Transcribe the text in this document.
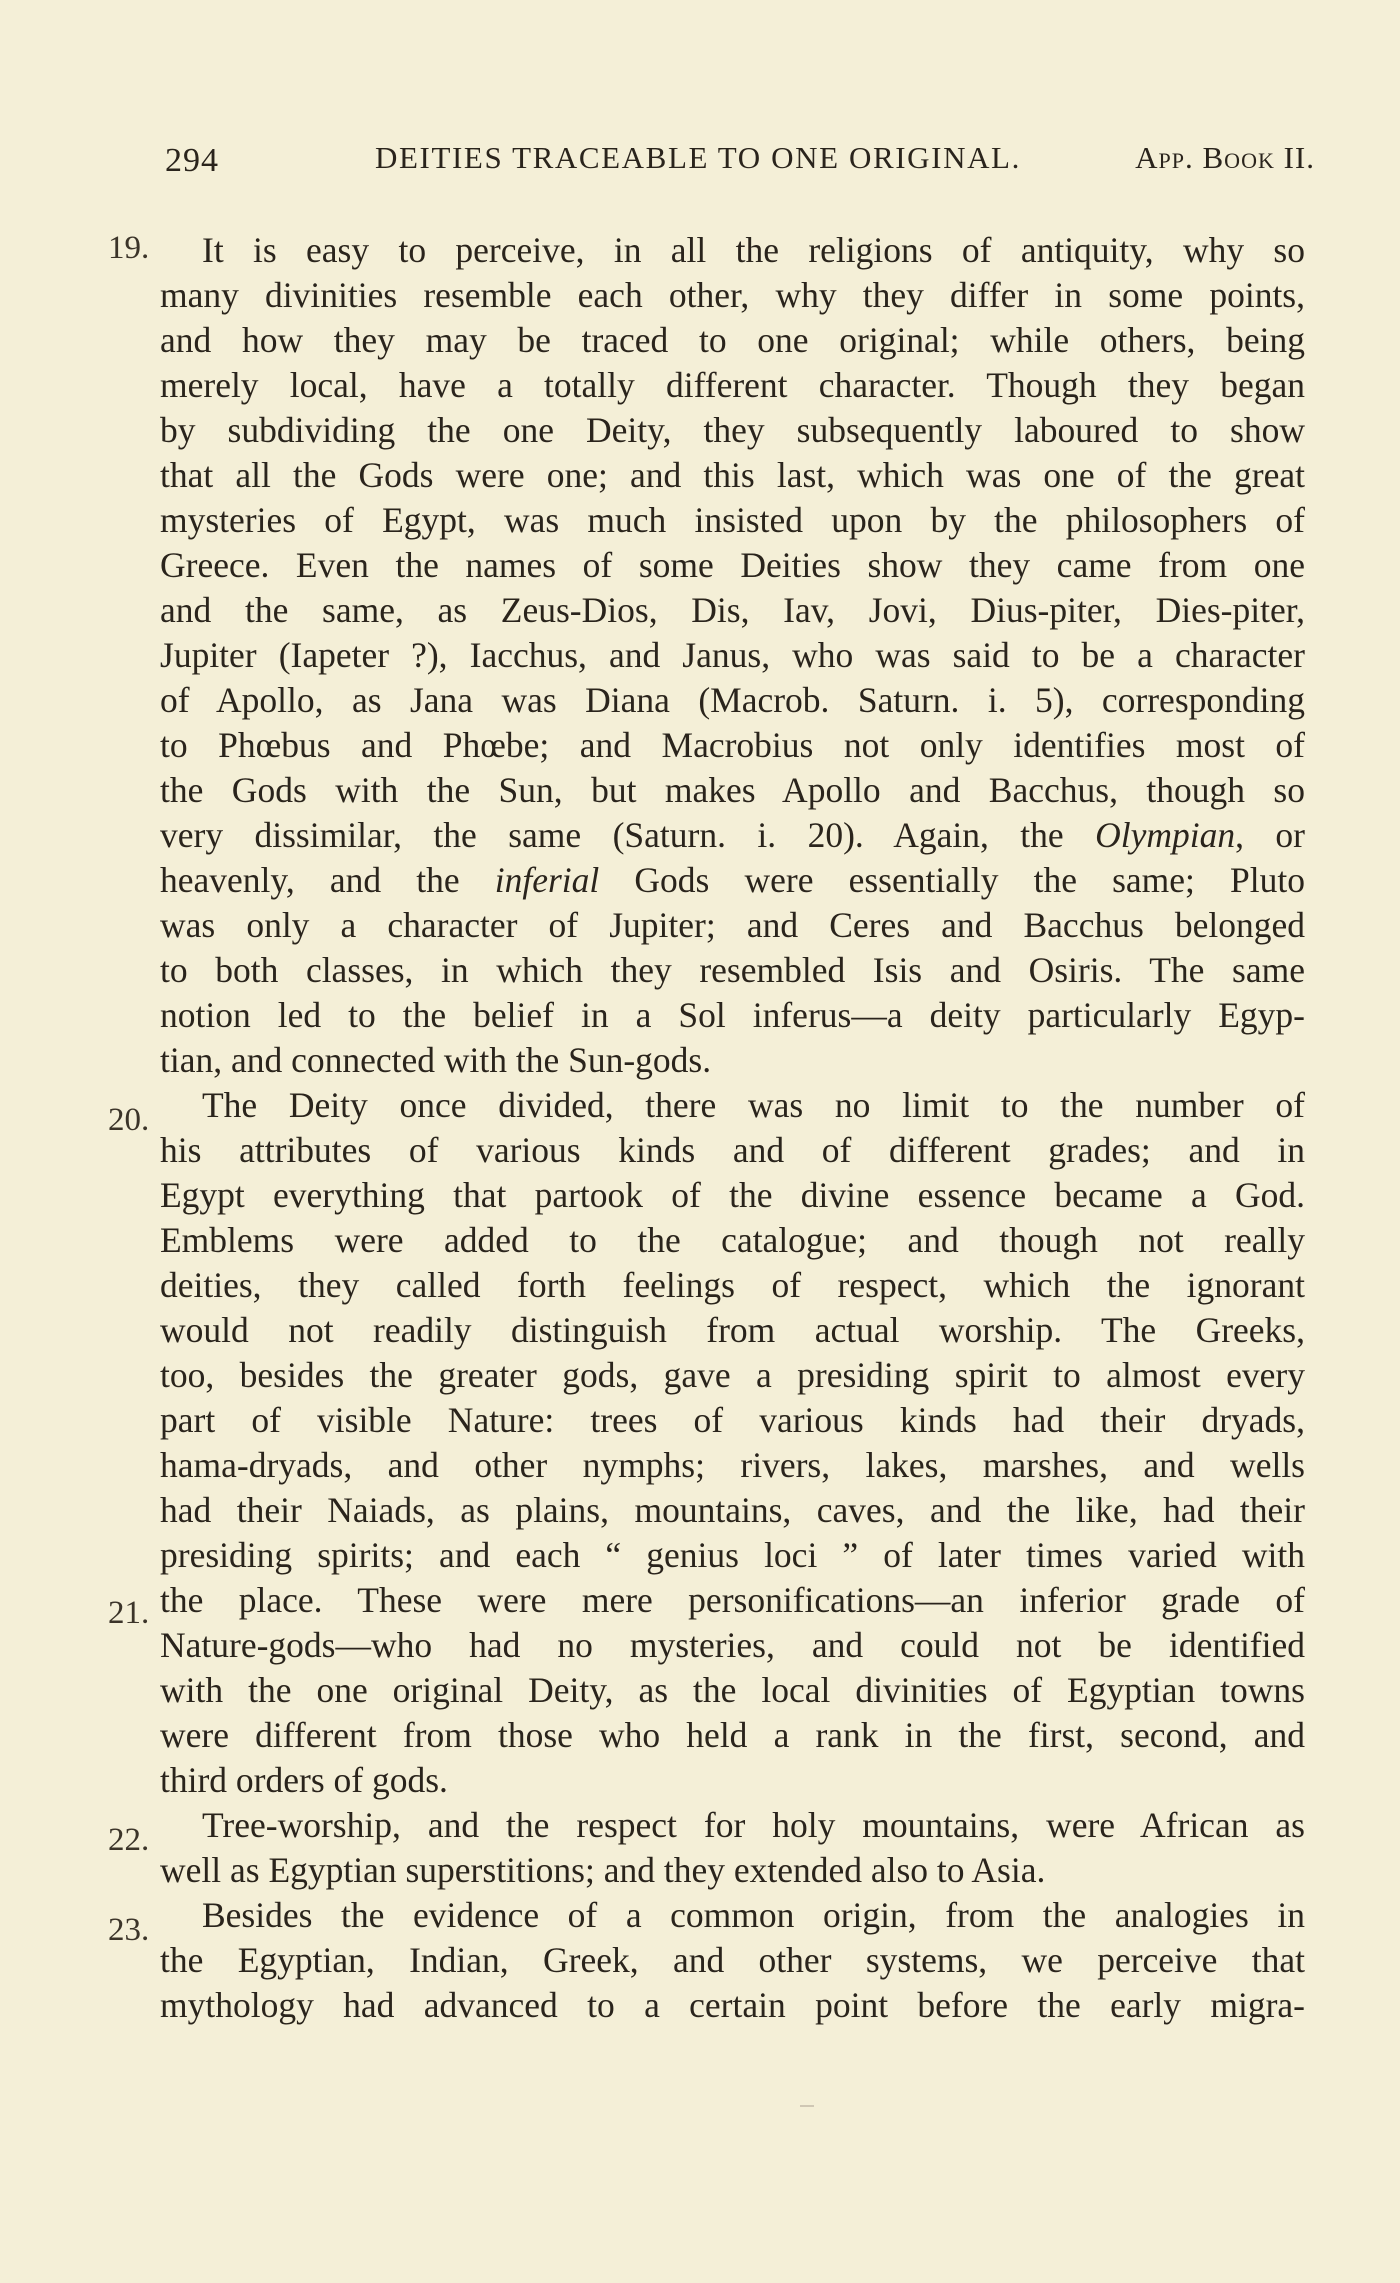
294	DEITIES TRACEABLE TO ONE ORIGINAL.	App. Book II.
19. It is easy to perceive, in all the religions of antiquity, why so
many divinities resemble each other, why they differ in some points,
and how they may be traced to one original; while others, being
merely local, have a totally different character. Though they began
by subdividing the one Deity, they subsequently laboured to show
that all the Gods were one; and this last, which was one of the great
mysteries of Egypt, was much insisted upon by the philosophers of
Greece. Even the names of some Deities show they came from one
and the same, as Zeus-Dios, Dis, Iav, Jovi, Dius-piter, Dies-piter,
Jupiter (Iapeter ?), Iacchus, and Janus, who was said to be a character
of Apollo, as Jana was Diana (Macrob. Saturn. i. 5), corresponding
to Phœbus and Phœbe; and Macrobius not only identifies most of
the Gods with the Sun, but makes Apollo and Bacchus, though so
very dissimilar, the same (Saturn. i. 20). Again, the Olympian, or
heavenly, and the inferial Gods were essentially the same; Pluto
was only a character of Jupiter; and Ceres and Bacchus belonged
to both classes, in which they resembled Isis and Osiris. The same
notion led to the belief in a Sol inferus—a deity particularly Egyp-
tian, and connected with the Sun-gods.
20. The Deity once divided, there was no limit to the number of
his attributes of various kinds and of different grades; and in
Egypt everything that partook of the divine essence became a God.
Emblems were added to the catalogue; and though not really
deities, they called forth feelings of respect, which the ignorant
would not readily distinguish from actual worship. The Greeks,
too, besides the greater gods, gave a presiding spirit to almost every
part of visible Nature: trees of various kinds had their dryads,
hama-dryads, and other nymphs; rivers, lakes, marshes, and wells
had their Naiads, as plains, mountains, caves, and the like, had their
presiding spirits; and each “ genius loci ” of later times varied with
21. the place. These were mere personifications—an inferior grade of
Nature-gods—who had no mysteries, and could not be identified
with the one original Deity, as the local divinities of Egyptian towns
were different from those who held a rank in the first, second, and
third orders of gods.
22. Tree-worship, and the respect for holy mountains, were African as
well as Egyptian superstitions; and they extended also to Asia.
23. Besides the evidence of a common origin, from the analogies in
the Egyptian, Indian, Greek, and other systems, we perceive that
mythology had advanced to a certain point before the early migra-
